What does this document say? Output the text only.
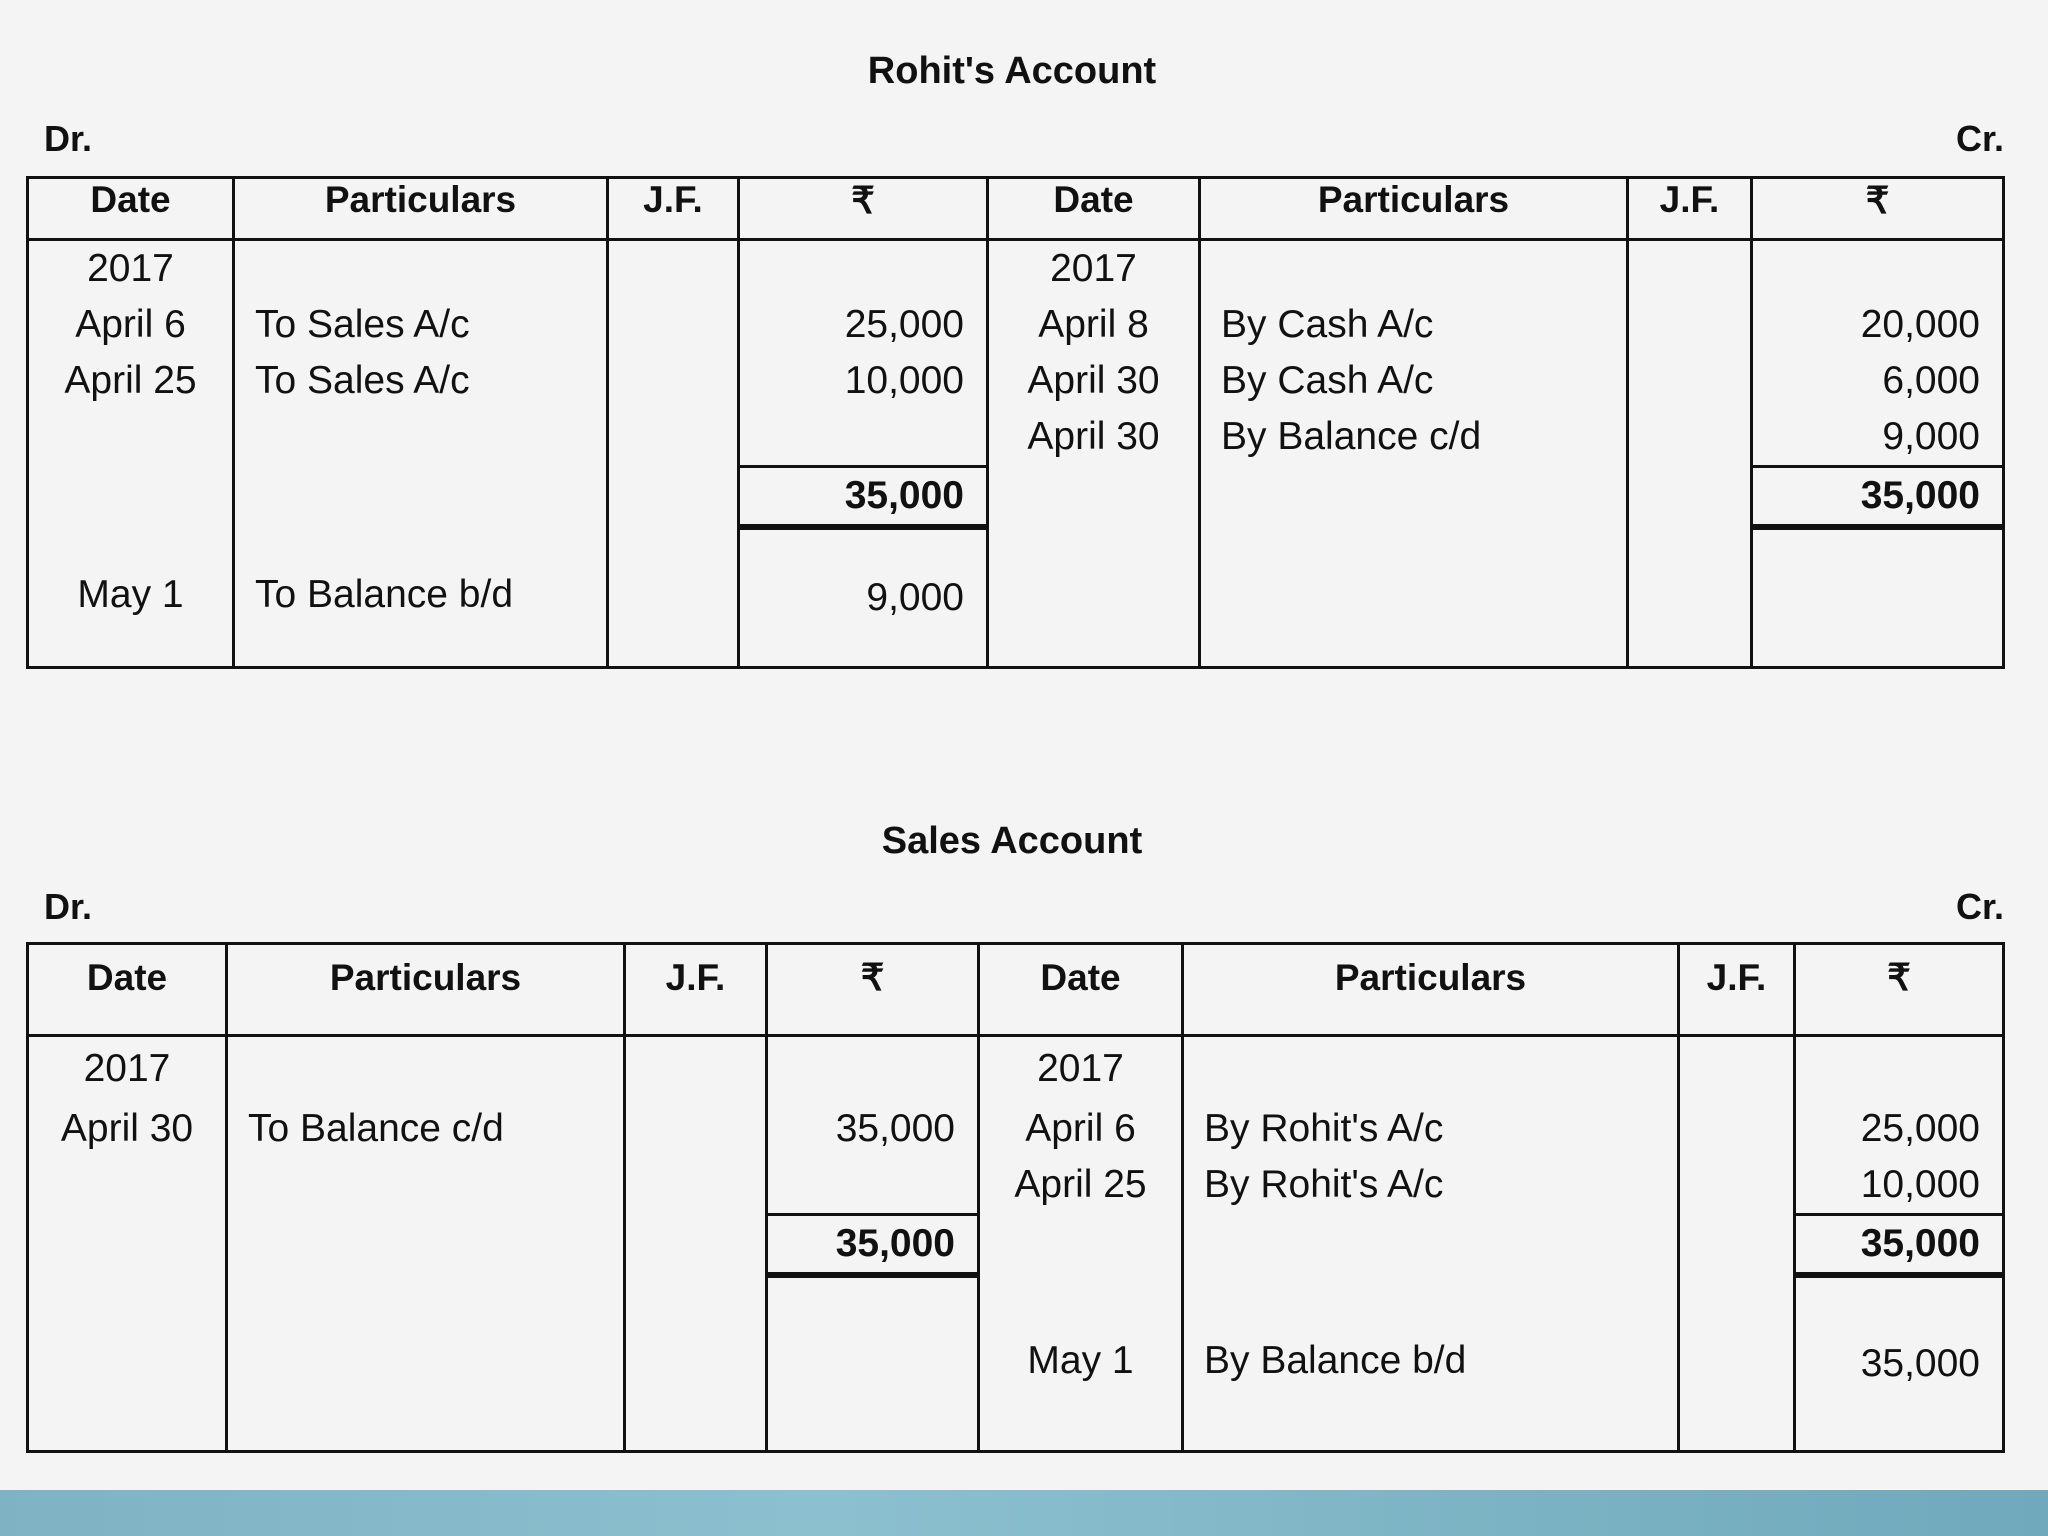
Rohit's Account
Dr.	Cr.
Date	Particulars	J.F.	₹	Date	Particulars	J.F.	₹
2017				2017			
April 6	To Sales A/c		25,000	April 8	By Cash A/c		20,000
April 25	To Sales A/c		10,000	April 30	By Cash A/c		6,000
				April 30	By Balance c/d		9,000
			35,000				35,000
May 1	To Balance b/d		9,000				
Sales Account
Dr.	Cr.
Date	Particulars	J.F.	₹	Date	Particulars	J.F.	₹
2017				2017			
April 30	To Balance c/d		35,000	April 6	By Rohit's A/c		25,000
				April 25	By Rohit's A/c		10,000
			35,000				35,000
				May 1	By Balance b/d		35,000
